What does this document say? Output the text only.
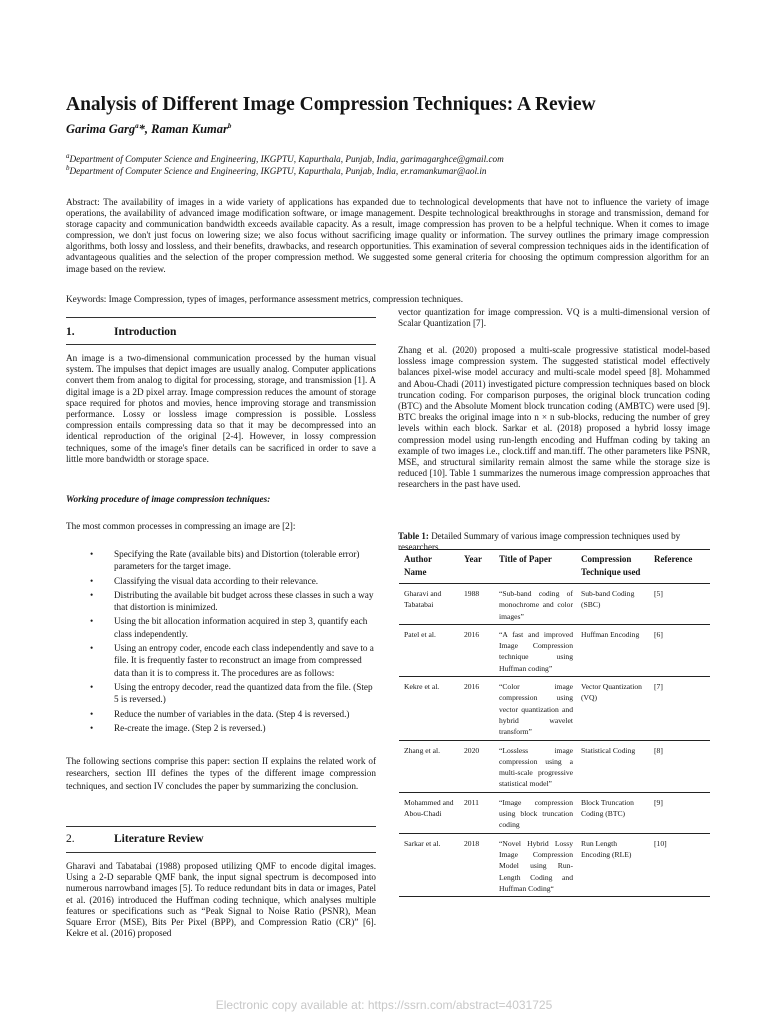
Analysis of Different Image Compression Techniques: A Review
Garima Garg$^a$*, Raman Kumar$^b$
$^a$Department of Computer Science and Engineering, IKGPTU, Kapurthala, Punjab, India, garimagarghce@gmail.com
$^b$Department of Computer Science and Engineering, IKGPTU, Kapurthala, Punjab, India, er.ramankumar@aol.in

Abstract: The availability of images in a wide variety of applications has expanded due to technological developments that have not to influence the variety of image operations, the availability of advanced image modification software, or image management. Despite technological breakthroughs in storage and transmission, demand for storage capacity and communication bandwidth exceeds available capacity. As a result, image compression has proven to be a helpful technique. When it comes to image compression, we don't just focus on lowering size; we also focus without sacrificing image quality or information. The survey outlines the primary image compression algorithms, both lossy and lossless, and their benefits, drawbacks, and research opportunities. This examination of several compression techniques aids in the identification of advantageous qualities and the selection of the proper compression method. We suggested some general criteria for choosing the optimum compression algorithm for an image based on the review.

Keywords: Image Compression, types of images, performance assessment metrics, compression techniques.

1.	Introduction

An image is a two-dimensional communication processed by the human visual system. The impulses that depict images are usually analog. Computer applications convert them from analog to digital for processing, storage, and transmission [1]. A digital image is a 2D pixel array. Image compression reduces the amount of storage space required for photos and movies, hence improving storage and transmission performance. Lossy or lossless image compression is possible. Lossless compression entails compressing data so that it may be decompressed into an identical reproduction of the original [2-4]. However, in lossy compression techniques, some of the image's finer details can be sacrificed in order to save a little more bandwidth or storage space.

Working procedure of image compression techniques:

The most common processes in compressing an image are [2]:

• Specifying the Rate (available bits) and Distortion (tolerable error) parameters for the target image.
• Classifying the visual data according to their relevance.
• Distributing the available bit budget across these classes in such a way that distortion is minimized.
• Using the bit allocation information acquired in step 3, quantify each class independently.
• Using an entropy coder, encode each class independently and save to a file. It is frequently faster to reconstruct an image from compressed data than it is to compress it. The procedures are as follows:
• Using the entropy decoder, read the quantized data from the file. (Step 5 is reversed.)
• Reduce the number of variables in the data. (Step 4 is reversed.)
• Re-create the image. (Step 2 is reversed.)

The following sections comprise this paper: section II explains the related work of researchers, section III defines the types of the different image compression techniques, and section IV concludes the paper by summarizing the conclusion.

2.	Literature Review

Gharavi and Tabatabai (1988) proposed utilizing QMF to encode digital images. Using a 2-D separable QMF bank, the input signal spectrum is decomposed into numerous narrowband images [5]. To reduce redundant bits in data or images, Patel et al. (2016) introduced the Huffman coding technique, which analyses multiple features or specifications such as “Peak Signal to Noise Ratio (PSNR), Mean Square Error (MSE), Bits Per Pixel (BPP), and Compression Ratio (CR)” [6]. Kekre et al. (2016) proposed

vector quantization for image compression. VQ is a multi-dimensional version of Scalar Quantization [7].

Zhang et al. (2020) proposed a multi-scale progressive statistical model-based lossless image compression system. The suggested statistical model effectively balances pixel-wise model accuracy and multi-scale model speed [8]. Mohammed and Abou-Chadi (2011) investigated picture compression techniques based on block truncation coding. For comparison purposes, the original block truncation coding (BTC) and the Absolute Moment block truncation coding (AMBTC) were used [9]. BTC breaks the original image into n × n sub-blocks, reducing the number of grey levels within each block. Sarkar et al. (2018) proposed a hybrid lossy image compression model using run-length encoding and Huffman coding by taking an example of two images i.e., clock.tiff and man.tiff. The other parameters like PSNR, MSE, and structural similarity remain almost the same while the storage size is reduced [10]. Table 1 summarizes the numerous image compression approaches that researchers in the past have used.

Table 1: Detailed Summary of various image compression techniques used by researchers

Author Name	Year	Title of Paper	Compression Technique used	Reference
Gharavi and Tabatabai	1988	“Sub-band coding of monochrome and color images”	Sub-band Coding (SBC)	[5]
Patel et al.	2016	“A fast and improved Image Compression technique using Huffman coding”	Huffman Encoding	[6]
Kekre et al.	2016	“Color image compression using vector quantization and hybrid wavelet transform”	Vector Quantization (VQ)	[7]
Zhang et al.	2020	“Lossless image compression using a multi-scale progressive statistical model”	Statistical Coding	[8]
Mohammed and Abou-Chadi	2011	“Image compression using block truncation coding	Block Truncation Coding (BTC)	[9]
Sarkar et al.	2018	“Novel Hybrid Lossy Image Compression Model using Run-Length Coding and Huffman Coding“	Run Length Encoding (RLE)	[10]
Electronic copy available at: https://ssrn.com/abstract=4031725
